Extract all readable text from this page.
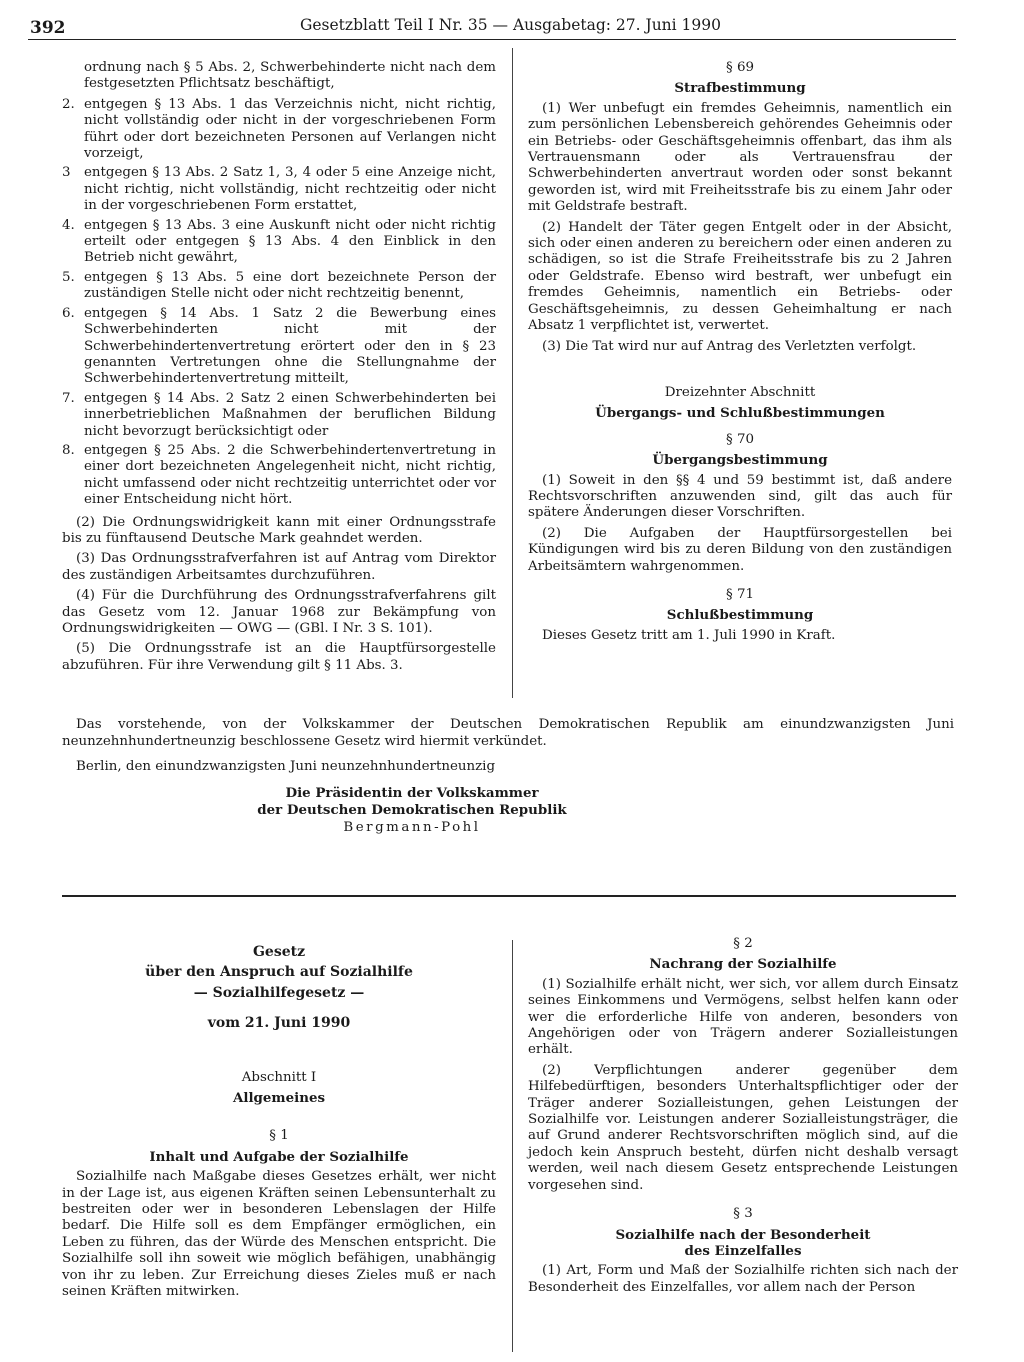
392	Gesetzblatt Teil I Nr. 35 — Ausgabetag: 27. Juni 1990

ordnung nach § 5 Abs. 2, Schwerbehinderte nicht nach dem festgesetzten Pflichtsatz beschäftigt,

2. entgegen § 13 Abs. 1 das Verzeichnis nicht, nicht richtig, nicht vollständig oder nicht in der vorgeschriebenen Form führt oder dort bezeichneten Personen auf Verlangen nicht vorzeigt,
3	entgegen § 13 Abs. 2 Satz 1, 3, 4 oder 5 eine Anzeige nicht, nicht richtig, nicht vollständig, nicht rechtzeitig oder nicht in der vorgeschriebenen Form erstattet,
4. entgegen § 13 Abs. 3 eine Auskunft nicht oder nicht richtig erteilt oder entgegen § 13 Abs. 4 den Einblick in den Betrieb nicht gewährt,
5. entgegen § 13 Abs. 5 eine dort bezeichnete Person der zuständigen Stelle nicht oder nicht rechtzeitig benennt,
6. entgegen § 14 Abs. 1 Satz 2 die Bewerbung eines Schwerbehinderten nicht mit der Schwerbehindertenvertretung erörtert oder den in § 23 genannten Vertretungen ohne die Stellungnahme der Schwerbehindertenvertretung mitteilt,
7. entgegen § 14 Abs. 2 Satz 2 einen Schwerbehinderten bei innerbetrieblichen Maßnahmen der beruflichen Bildung nicht bevorzugt berücksichtigt oder
8. entgegen § 25 Abs. 2 die Schwerbehindertenvertretung in einer dort bezeichneten Angelegenheit nicht, nicht richtig, nicht umfassend oder nicht rechtzeitig unterrichtet oder vor einer Entscheidung nicht hört.

(2) Die Ordnungswidrigkeit kann mit einer Ordnungsstrafe bis zu fünftausend Deutsche Mark geahndet werden.

(3) Das Ordnungsstrafverfahren ist auf Antrag vom Direktor des zuständigen Arbeitsamtes durchzuführen.

(4) Für die Durchführung des Ordnungsstrafverfahrens gilt das Gesetz vom 12. Januar 1968 zur Bekämpfung von Ordnungswidrigkeiten — OWG — (GBl. I Nr. 3 S. 101).

(5) Die Ordnungsstrafe ist an die Hauptfürsorgestelle abzuführen. Für ihre Verwendung gilt § 11 Abs. 3.

§ 69

Strafbestimmung

(1) Wer unbefugt ein fremdes Geheimnis, namentlich ein zum persönlichen Lebensbereich gehörendes Geheimnis oder ein Betriebs- oder Geschäftsgeheimnis offenbart, das ihm als Vertrauensmann oder als Vertrauensfrau der Schwerbehinderten anvertraut worden oder sonst bekannt geworden ist, wird mit Freiheitsstrafe bis zu einem Jahr oder mit Geldstrafe bestraft.

(2) Handelt der Täter gegen Entgelt oder in der Absicht, sich oder einen anderen zu bereichern oder einen anderen zu schädigen, so ist die Strafe Freiheitsstrafe bis zu 2 Jahren oder Geldstrafe. Ebenso wird bestraft, wer unbefugt ein fremdes Geheimnis, namentlich ein Betriebs- oder Geschäftsgeheimnis, zu dessen Geheimhaltung er nach Absatz 1 verpflichtet ist, verwertet.

(3) Die Tat wird nur auf Antrag des Verletzten verfolgt.

Dreizehnter Abschnitt

Übergangs- und Schlußbestimmungen

§ 70

Übergangsbestimmung

(1) Soweit in den §§ 4 und 59 bestimmt ist, daß andere Rechtsvorschriften anzuwenden sind, gilt das auch für spätere Änderungen dieser Vorschriften.

(2) Die Aufgaben der Hauptfürsorgestellen bei Kündigungen wird bis zu deren Bildung von den zuständigen Arbeitsämtern wahrgenommen.

§ 71

Schlußbestimmung

Dieses Gesetz tritt am 1. Juli 1990 in Kraft.

Das vorstehende, von der Volkskammer der Deutschen Demokratischen Republik am einundzwanzigsten Juni neunzehnhundertneunzig beschlossene Gesetz wird hiermit verkündet.

Berlin, den einundzwanzigsten Juni neunzehnhundertneunzig

Die Präsidentin der Volkskammer

der Deutschen Demokratischen Republik

Bergmann-Pohl

Gesetz

über den Anspruch auf Sozialhilfe

— Sozialhilfegesetz —

vom 21. Juni 1990

Abschnitt I

Allgemeines

§ 1

Inhalt und Aufgabe der Sozialhilfe

Sozialhilfe nach Maßgabe dieses Gesetzes erhält, wer nicht in der Lage ist, aus eigenen Kräften seinen Lebensunterhalt zu bestreiten oder wer in besonderen Lebenslagen der Hilfe bedarf. Die Hilfe soll es dem Empfänger ermöglichen, ein Leben zu führen, das der Würde des Menschen entspricht. Die Sozialhilfe soll ihn soweit wie möglich befähigen, unabhängig von ihr zu leben. Zur Erreichung dieses Zieles muß er nach seinen Kräften mitwirken.

§ 2

Nachrang der Sozialhilfe

(1) Sozialhilfe erhält nicht, wer sich, vor allem durch Einsatz seines Einkommens und Vermögens, selbst helfen kann oder wer die erforderliche Hilfe von anderen, besonders von Angehörigen oder von Trägern anderer Sozialleistungen erhält.

(2) Verpflichtungen anderer gegenüber dem Hilfebedürftigen, besonders Unterhaltspflichtiger oder der Träger anderer Sozialleistungen, gehen Leistungen der Sozialhilfe vor. Leistungen anderer Sozialleistungsträger, die auf Grund anderer Rechtsvorschriften möglich sind, auf die jedoch kein Anspruch besteht, dürfen nicht deshalb versagt werden, weil nach diesem Gesetz entsprechende Leistungen vorgesehen sind.

§ 3

Sozialhilfe nach der Besonderheit

des Einzelfalles

(1) Art, Form und Maß der Sozialhilfe richten sich nach der Besonderheit des Einzelfalles, vor allem nach der Person
